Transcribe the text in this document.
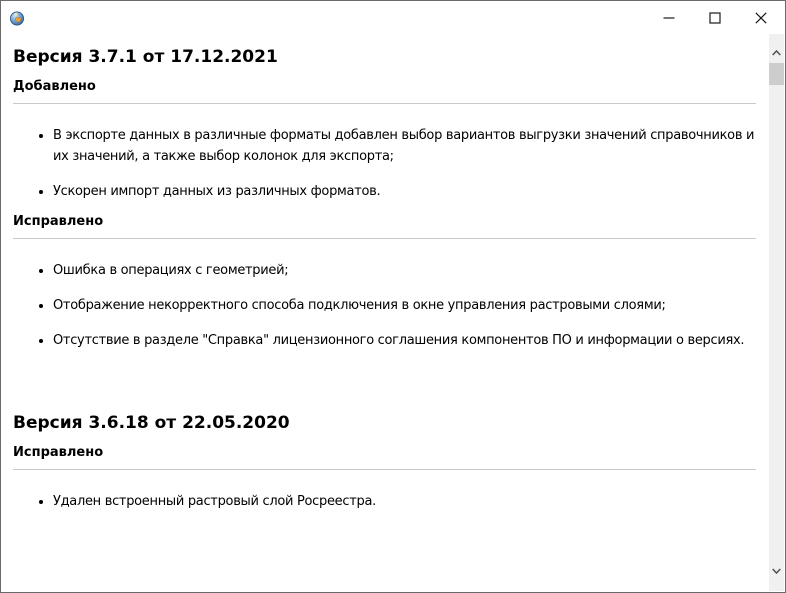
Версия 3.7.1 от 17.12.2021
Добавлено
• В экспорте данных в различные форматы добавлен выбор вариантов выгрузки значений справочников и их значений, а также выбор колонок для экспорта;
• Ускорен импорт данных из различных форматов.
Исправлено
• Ошибка в операциях с геометрией;
• Отображение некорректного способа подключения в окне управления растровыми слоями;
• Отсутствие в разделе "Справка" лицензионного соглашения компонентов ПО и информации о версиях.
Версия 3.6.18 от 22.05.2020
Исправлено
• Удален встроенный растровый слой Росреестра.
